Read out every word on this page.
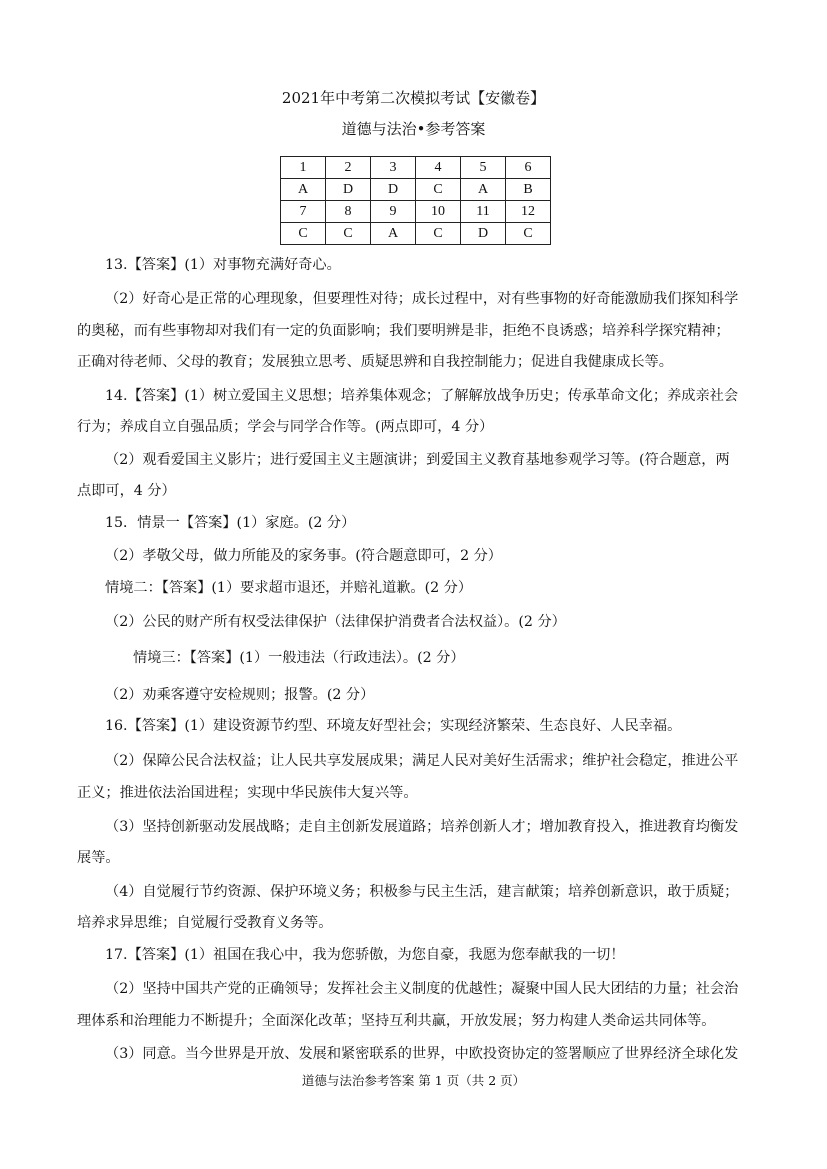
2021年中考第二次模拟考试【安徽卷】
道德与法治•参考答案
1	2	3	4	5	6
A	D	D	C	A	B
7	8	9	10	11	12
C	C	A	C	D	C
13.【答案】(1）对事物充满好奇心。
（2）好奇心是正常的心理现象，但要理性对待；成长过程中，对有些事物的好奇能激励我们探知科学
的奥秘，而有些事物却对我们有一定的负面影响；我们要明辨是非，拒绝不良诱惑；培养科学探究精神；
正确对待老师、父母的教育；发展独立思考、质疑思辨和自我控制能力；促进自我健康成长等。
14.【答案】(1）树立爱国主义思想；培养集体观念；了解解放战争历史；传承革命文化；养成亲社会
行为；养成自立自强品质；学会与同学合作等。(两点即可，4 分）
（2）观看爱国主义影片；进行爱国主义主题演讲；到爱国主义教育基地参观学习等。(符合题意，两
点即可，4 分）
15．情景一【答案】(1）家庭。(2 分）
（2）孝敬父母，做力所能及的家务事。(符合题意即可，2 分）
情境二：【答案】(1）要求超市退还，并赔礼道歉。(2 分）
（2）公民的财产所有权受法律保护（法律保护消费者合法权益）。(2 分）
情境三：【答案】(1）一般违法（行政违法）。(2 分）
（2）劝乘客遵守安检规则；报警。(2 分）
16.【答案】(1）建设资源节约型、环境友好型社会；实现经济繁荣、生态良好、人民幸福。
（2）保障公民合法权益；让人民共享发展成果；满足人民对美好生活需求；维护社会稳定，推进公平
正义；推进依法治国进程；实现中华民族伟大复兴等。
（3）坚持创新驱动发展战略；走自主创新发展道路；培养创新人才；增加教育投入，推进教育均衡发
展等。
（4）自觉履行节约资源、保护环境义务；积极参与民主生活，建言献策；培养创新意识，敢于质疑；
培养求异思维；自觉履行受教育义务等。
17.【答案】(1）祖国在我心中，我为您骄傲，为您自豪，我愿为您奉献我的一切！
（2）坚持中国共产党的正确领导；发挥社会主义制度的优越性；凝聚中国人民大团结的力量；社会治
理体系和治理能力不断提升；全面深化改革；坚持互利共赢，开放发展；努力构建人类命运共同体等。
（3）同意。当今世界是开放、发展和紧密联系的世界，中欧投资协定的签署顺应了世界经济全球化发
道德与法治参考答案 第 1 页（共 2 页）
